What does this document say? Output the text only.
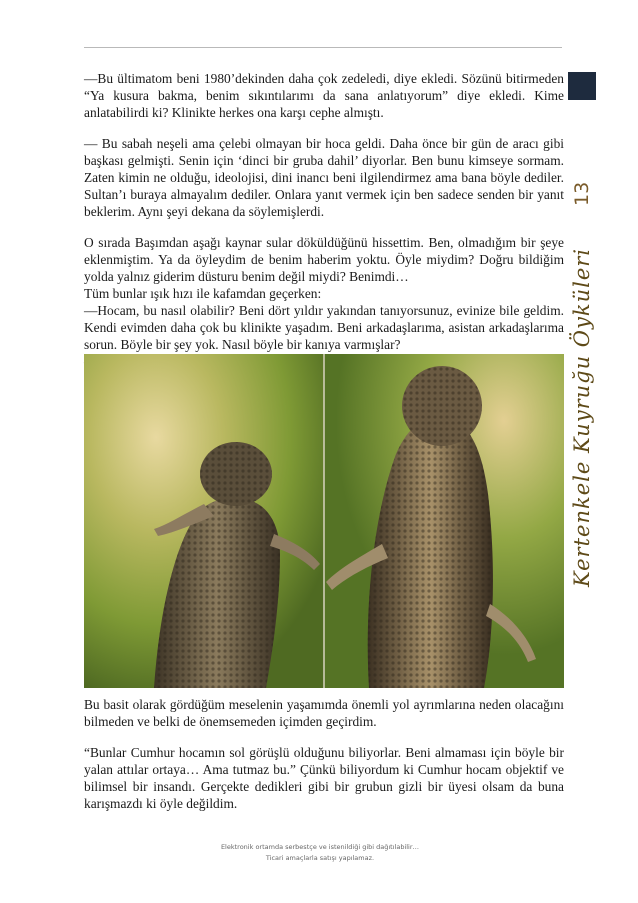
—Bu ültimatom beni 1980’dekinden daha çok zedeledi, diye ekledi. Sözünü bitirmeden “Ya kusura bakma, benim sıkıntılarımı da sana anlatıyorum” diye ekledi. Kime anlatabilirdi ki? Klinikte herkes ona karşı cephe almıştı.

— Bu sabah neşeli ama çelebi olmayan bir hoca geldi. Daha önce bir gün de aracı gibi başkası gelmişti. Senin için ‘dinci bir gruba dahil’ diyorlar. Ben bunu kimseye sormam. Zaten kimin ne olduğu, ideolojisi, dini inancı beni ilgilendirmez ama bana böyle dediler. Sultan’ı buraya almayalım dediler. Onlara yanıt vermek için ben sadece senden bir yanıt beklerim. Aynı şeyi dekana da söylemişlerdi.

O sırada Başımdan aşağı kaynar sular döküldüğünü hissettim. Ben, olmadığım bir şeye eklenmiştim. Ya da öyleydim de benim haberim yoktu. Öyle miydim? Doğru bildiğim yolda yalnız giderim düsturu benim değil miydi? Benimdi…

Tüm bunlar ışık hızı ile kafamdan geçerken:

—Hocam, bu nasıl olabilir? Beni dört yıldır yakından tanıyorsunuz, evinize bile geldim. Kendi evimden daha çok bu klinikte yaşadım. Beni arkadaşlarıma, asistan arkadaşlarıma sorun. Böyle bir şey yok. Nasıl böyle bir kanıya varmışlar?

Bu basit olarak gördüğüm meselenin yaşamımda önemli yol ayrımlarına neden olacağını bilmeden ve belki de önemsemeden içimden geçirdim.

“Bunlar Cumhur hocamın sol görüşlü olduğunu biliyorlar. Beni almaması için böyle bir yalan attılar ortaya… Ama tutmaz bu.” Çünkü biliyordum ki Cumhur hocam objektif ve bilimsel bir insandı. Gerçekte dedikleri gibi bir grubun gizli bir üyesi olsam da buna karışmazdı ki öyle değildim.

13
Kertenkele Kuyruğu Öyküleri
Elektronik ortamda serbestçe ve istenildiği gibi dağıtılabilir…
Ticari amaçlarla satışı yapılamaz.
